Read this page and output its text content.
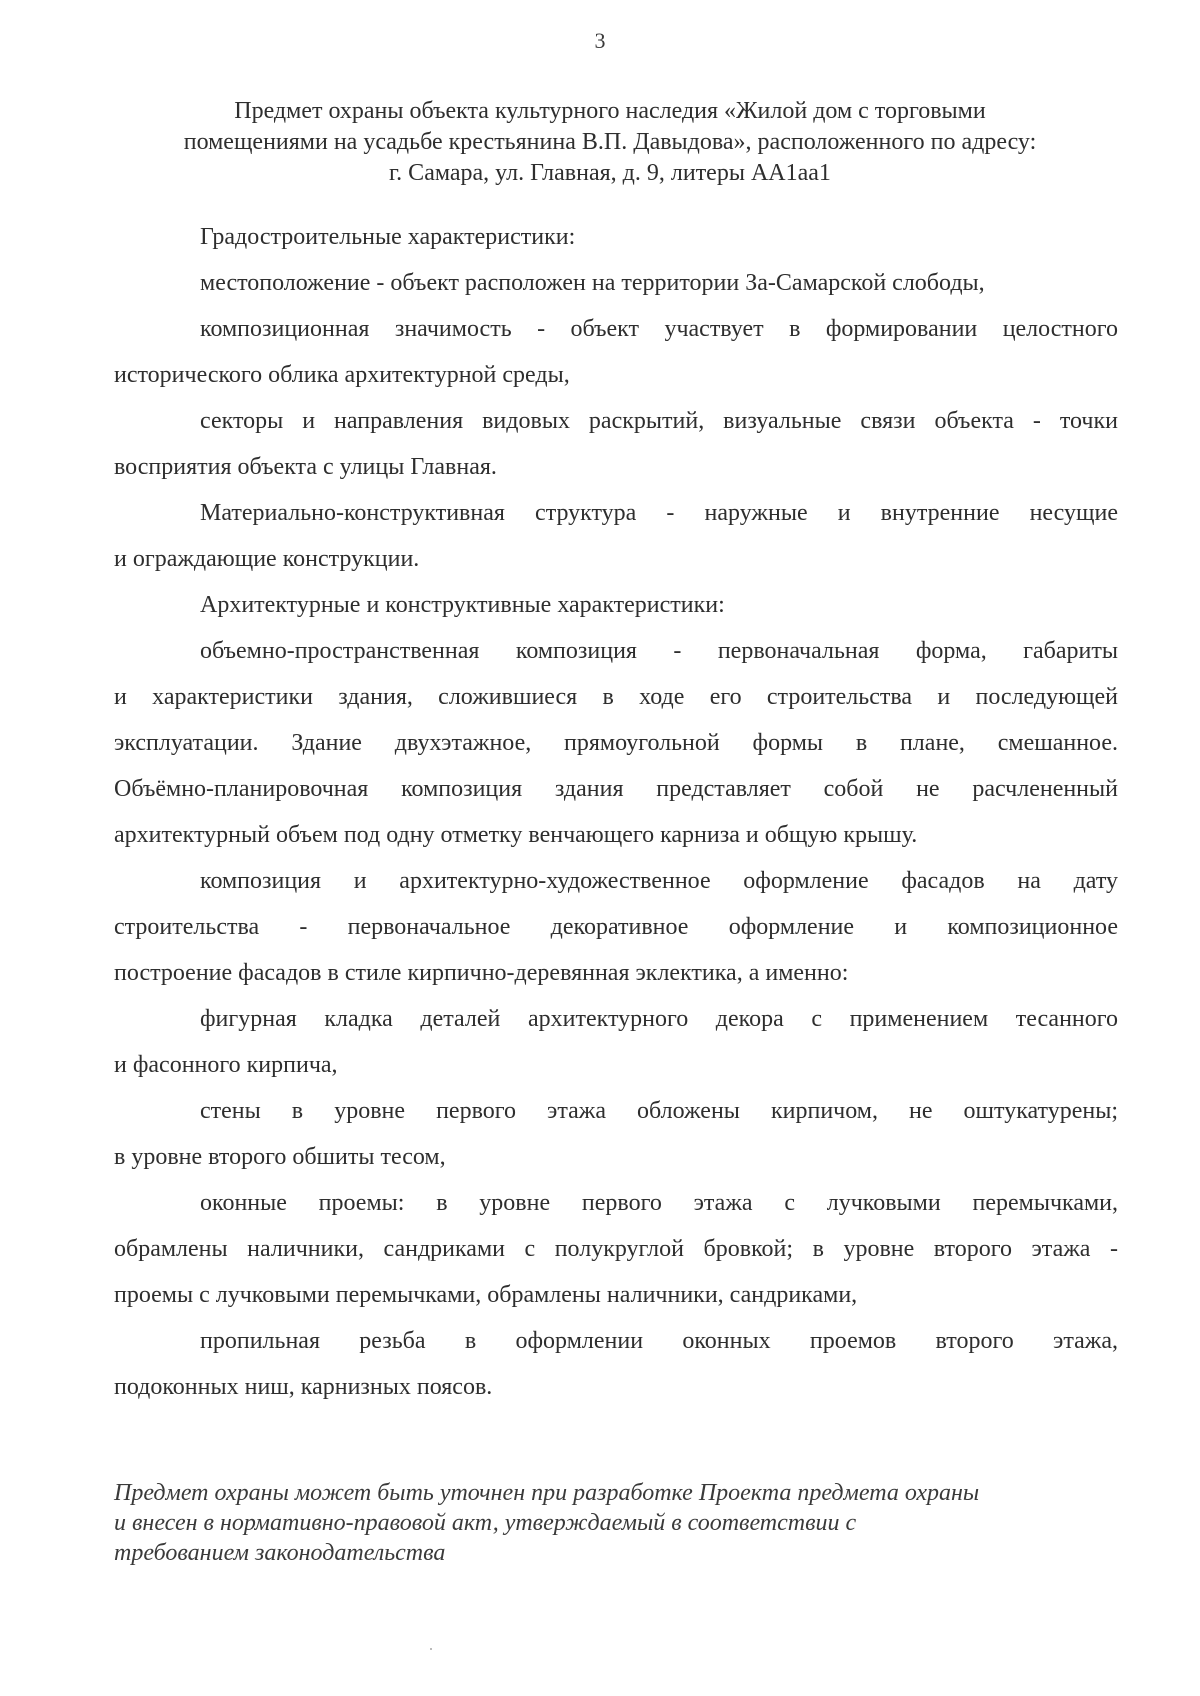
3
Предмет охраны объекта культурного наследия «Жилой дом с торговыми
помещениями на усадьбе крестьянина В.П. Давыдова», расположенного по адресу:
г. Самара, ул. Главная, д. 9, литеры АА1аа1

Градостроительные характеристики:

местоположение - объект расположен на территории За-Самарской слободы,

композиционная значимость - объект участвует в формировании целостного
исторического облика архитектурной среды,

секторы и направления видовых раскрытий, визуальные связи объекта - точки
восприятия объекта с улицы Главная.

Материально-конструктивная структура - наружные и внутренние несущие
и ограждающие конструкции.

Архитектурные и конструктивные характеристики:

объемно-пространственная композиция - первоначальная форма, габариты
и характеристики здания, сложившиеся в ходе его строительства и последующей
эксплуатации. Здание двухэтажное, прямоугольной формы в плане, смешанное.
Объёмно-планировочная композиция здания представляет собой не расчлененный
архитектурный объем под одну отметку венчающего карниза и общую крышу.

композиция и архитектурно-художественное оформление фасадов на дату
строительства - первоначальное декоративное оформление и композиционное
построение фасадов в стиле кирпично-деревянная эклектика, а именно:

фигурная кладка деталей архитектурного декора с применением тесанного
и фасонного кирпича,

стены в уровне первого этажа обложены кирпичом, не оштукатурены;
в уровне второго обшиты тесом,

оконные проемы: в уровне первого этажа с лучковыми перемычками,
обрамлены наличники, сандриками с полукруглой бровкой; в уровне второго этажа -
проемы с лучковыми перемычками, обрамлены наличники, сандриками,

пропильная резьба в оформлении оконных проемов второго этажа,
подоконных ниш, карнизных поясов.

Предмет охраны может быть уточнен при разработке Проекта предмета охраны
и внесен в нормативно-правовой акт, утверждаемый в соответствии с
требованием законодательства
